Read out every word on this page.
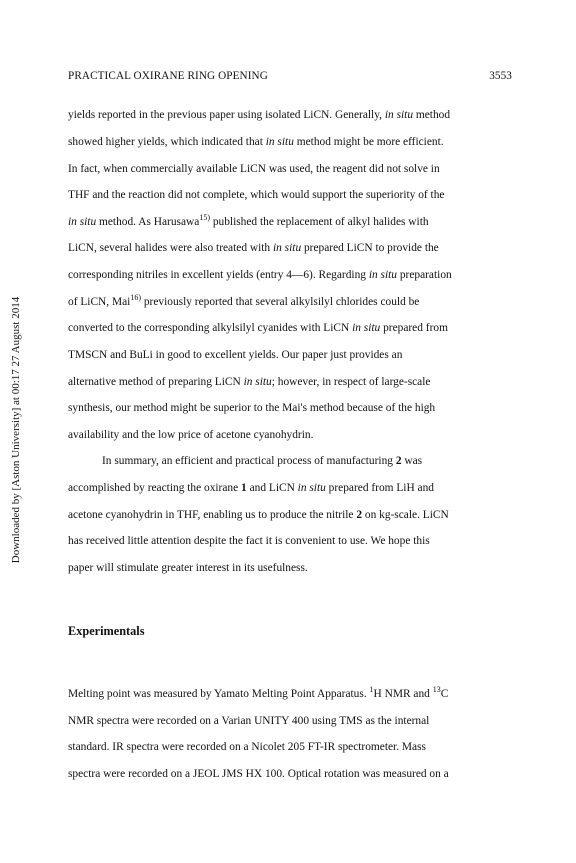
PRACTICAL OXIRANE RING OPENING	3553
Downloaded by [Aston University] at 00:17 27 August 2014
yields reported in the previous paper using isolated LiCN. Generally, in situ method
showed higher yields, which indicated that in situ method might be more efficient.
In fact, when commercially available LiCN was used, the reagent did not solve in
THF and the reaction did not complete, which would support the superiority of the
in situ method. As Harusawa$^{15)}$ published the replacement of alkyl halides with
LiCN, several halides were also treated with in situ prepared LiCN to provide the
corresponding nitriles in excellent yields (entry 4—6). Regarding in situ preparation
of LiCN, Mai$^{16)}$ previously reported that several alkylsilyl chlorides could be
converted to the corresponding alkylsilyl cyanides with LiCN in situ prepared from
TMSCN and BuLi in good to excellent yields. Our paper just provides an
alternative method of preparing LiCN in situ; however, in respect of large-scale
synthesis, our method might be superior to the Mai's method because of the high
availability and the low price of acetone cyanohydrin.
In summary, an efficient and practical process of manufacturing 2 was
accomplished by reacting the oxirane 1 and LiCN in situ prepared from LiH and
acetone cyanohydrin in THF, enabling us to produce the nitrile 2 on kg-scale. LiCN
has received little attention despite the fact it is convenient to use. We hope this
paper will stimulate greater interest in its usefulness.
Experimentals
Melting point was measured by Yamato Melting Point Apparatus. $^1$H NMR and $^{13}$C
NMR spectra were recorded on a Varian UNITY 400 using TMS as the internal
standard. IR spectra were recorded on a Nicolet 205 FT-IR spectrometer. Mass
spectra were recorded on a JEOL JMS HX 100. Optical rotation was measured on a
